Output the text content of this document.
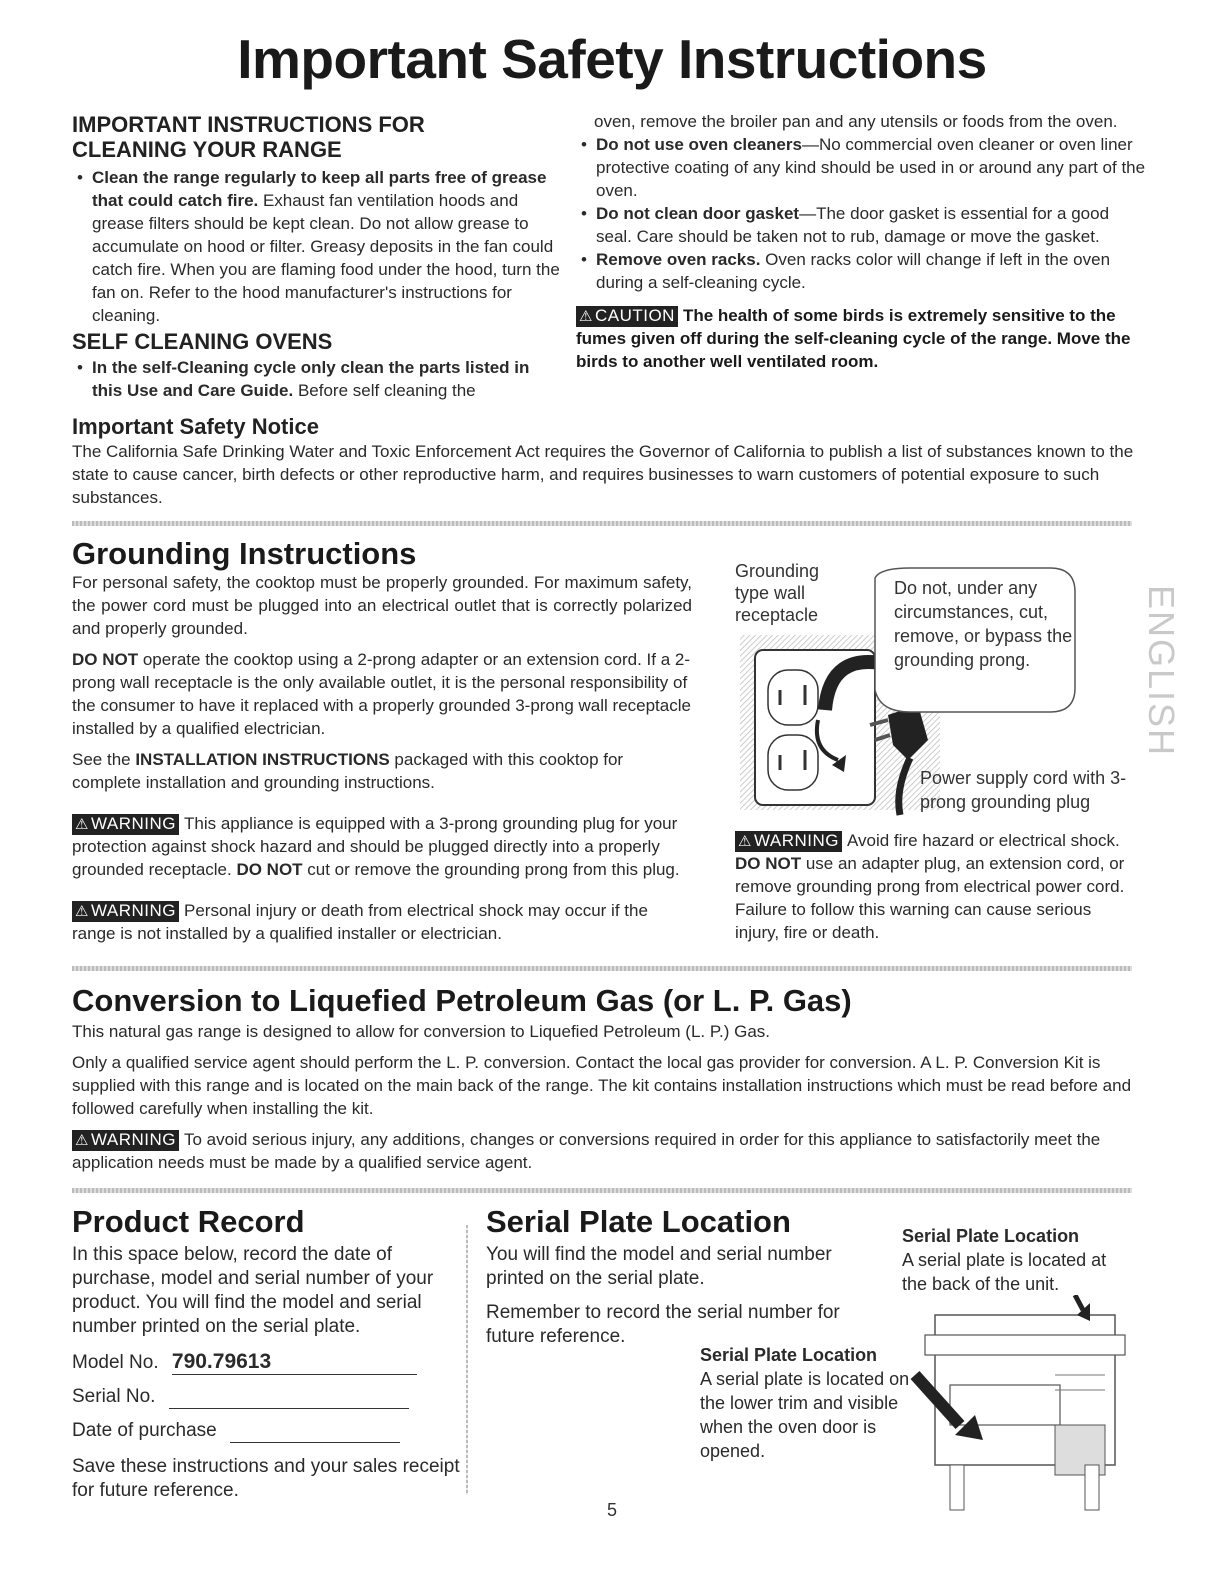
Important Safety Instructions
IMPORTANT INSTRUCTIONS FOR
CLEANING YOUR RANGE
• Clean the range regularly to keep all parts free of grease that could catch fire. Exhaust fan ventilation hoods and grease filters should be kept clean. Do not allow grease to accumulate on hood or filter. Greasy deposits in the fan could catch fire. When you are flaming food under the hood, turn the fan on. Refer to the hood manufacturer's instructions for cleaning.
SELF CLEANING OVENS
• In the self-Cleaning cycle only clean the parts listed in this Use and Care Guide. Before self cleaning the
oven, remove the broiler pan and any utensils or foods from the oven.
• Do not use oven cleaners—No commercial oven cleaner or oven liner protective coating of any kind should be used in or around any part of the oven.
• Do not clean door gasket—The door gasket is essential for a good seal. Care should be taken not to rub, damage or move the gasket.
• Remove oven racks. Oven racks color will change if left in the oven during a self-cleaning cycle.
⚠ CAUTION The health of some birds is extremely sensitive to the fumes given off during the self-cleaning cycle of the range. Move the birds to another well ventilated room.
Important Safety Notice
The California Safe Drinking Water and Toxic Enforcement Act requires the Governor of California to publish a list of substances known to the state to cause cancer, birth defects or other reproductive harm, and requires businesses to warn customers of potential exposure to such substances.
Grounding Instructions
For personal safety, the cooktop must be properly grounded. For maximum safety, the power cord must be plugged into an electrical outlet that is correctly polarized and properly grounded.
DO NOT operate the cooktop using a 2-prong adapter or an extension cord. If a 2-prong wall receptacle is the only available outlet, it is the personal responsibility of the consumer to have it replaced with a properly grounded 3-prong wall receptacle installed by a qualified electrician.
See the INSTALLATION INSTRUCTIONS packaged with this cooktop for complete installation and grounding instructions.
⚠ WARNING This appliance is equipped with a 3-prong grounding plug for your protection against shock hazard and should be plugged directly into a properly grounded receptacle. DO NOT cut or remove the grounding prong from this plug.
⚠ WARNING Personal injury or death from electrical shock may occur if the range is not installed by a qualified installer or electrician.
Grounding type wall receptacle
Do not, under any circumstances, cut, remove, or bypass the grounding prong.
Power supply cord with 3-prong grounding plug
⚠ WARNING Avoid fire hazard or electrical shock. DO NOT use an adapter plug, an extension cord, or remove grounding prong from electrical power cord. Failure to follow this warning can cause serious injury, fire or death.
ENGLISH
Conversion to Liquefied Petroleum Gas (or L. P. Gas)
This natural gas range is designed to allow for conversion to Liquefied Petroleum (L. P.) Gas.
Only a qualified service agent should perform the L. P. conversion. Contact the local gas provider for conversion. A L. P. Conversion Kit is supplied with this range and is located on the main back of the range. The kit contains installation instructions which must be read before and followed carefully when installing the kit.
⚠ WARNING To avoid serious injury, any additions, changes or conversions required in order for this appliance to satisfactorily meet the application needs must be made by a qualified service agent.
Product Record
In this space below, record the date of purchase, model and serial number of your product. You will find the model and serial number printed on the serial plate.
Model No. 790.79613
Serial No.
Date of purchase
Save these instructions and your sales receipt for future reference.
Serial Plate Location
You will find the model and serial number printed on the serial plate.
Remember to record the serial number for future reference.
Serial Plate Location
A serial plate is located on the lower trim and visible when the oven door is opened.
Serial Plate Location
A serial plate is located at the back of the unit.
5
